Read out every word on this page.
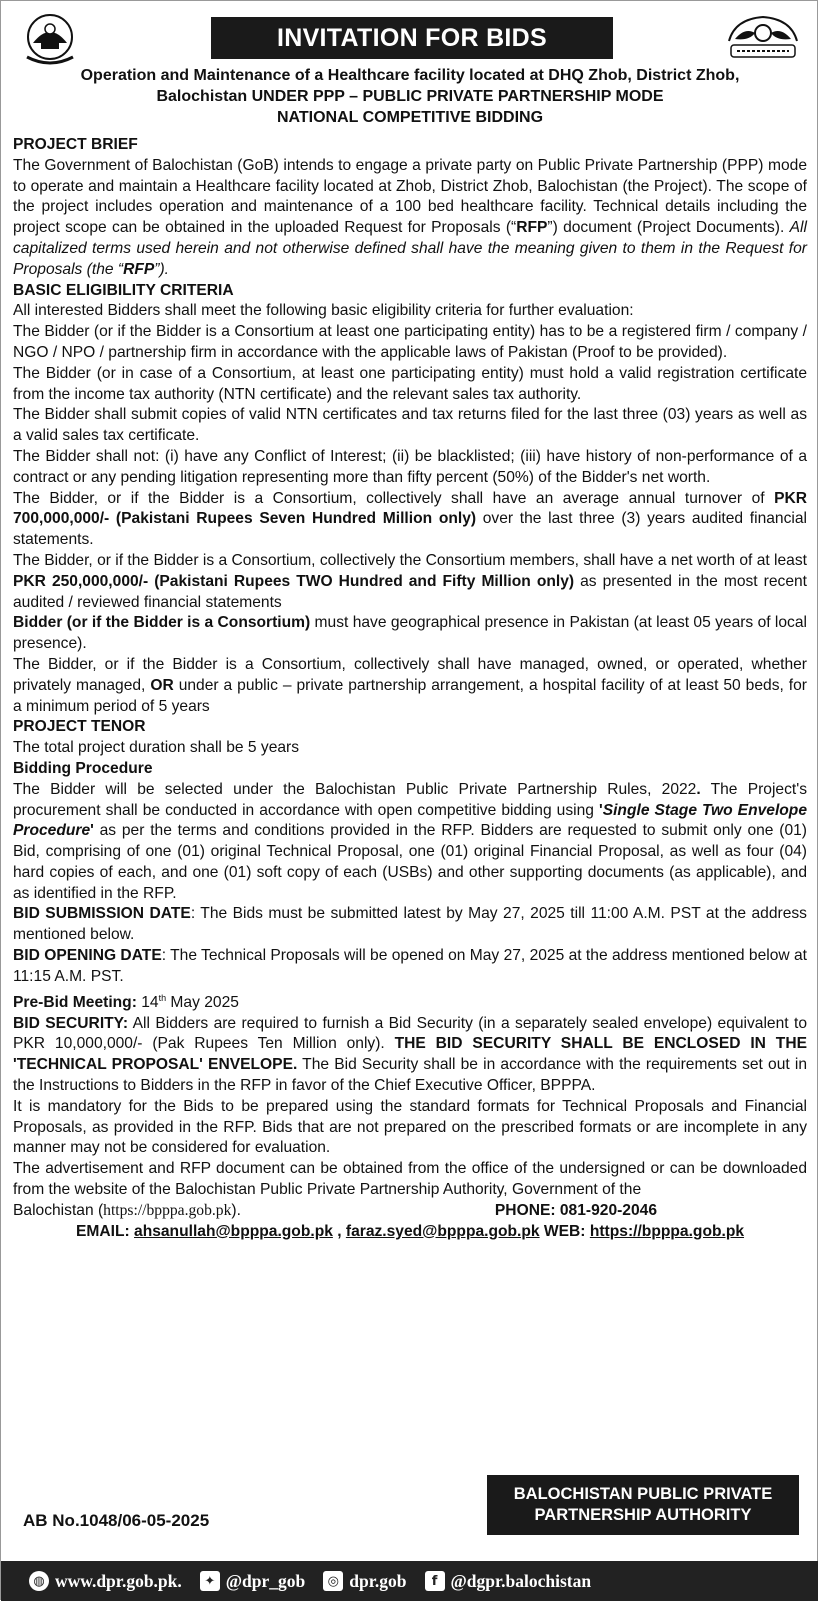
INVITATION FOR BIDS
Operation and Maintenance of a Healthcare facility located at DHQ Zhob, District Zhob,
Balochistan UNDER PPP – PUBLIC PRIVATE PARTNERSHIP MODE
NATIONAL COMPETITIVE BIDDING

PROJECT BRIEF

The Government of Balochistan (GoB) intends to engage a private party on Public Private Partnership (PPP) mode to operate and maintain a Healthcare facility located at Zhob, District Zhob, Balochistan (the Project). The scope of the project includes operation and maintenance of a 100 bed healthcare facility. Technical details including the project scope can be obtained in the uploaded Request for Proposals (“RFP”) document (Project Documents). All capitalized terms used herein and not otherwise defined shall have the meaning given to them in the Request for Proposals (the “RFP”).

BASIC ELIGIBILITY CRITERIA

All interested Bidders shall meet the following basic eligibility criteria for further evaluation:

The Bidder (or if the Bidder is a Consortium at least one participating entity) has to be a registered firm / company / NGO / NPO / partnership firm in accordance with the applicable laws of Pakistan (Proof to be provided).

The Bidder (or in case of a Consortium, at least one participating entity) must hold a valid registration certificate from the income tax authority (NTN certificate) and the relevant sales tax authority.

The Bidder shall submit copies of valid NTN certificates and tax returns filed for the last three (03) years as well as a valid sales tax certificate.

The Bidder shall not: (i) have any Conflict of Interest; (ii) be blacklisted; (iii) have history of non-performance of a contract or any pending litigation representing more than fifty percent (50%) of the Bidder's net worth.

The Bidder, or if the Bidder is a Consortium, collectively shall have an average annual turnover of PKR 700,000,000/- (Pakistani Rupees Seven Hundred Million only) over the last three (3) years audited financial statements.

The Bidder, or if the Bidder is a Consortium, collectively the Consortium members, shall have a net worth of at least PKR 250,000,000/- (Pakistani Rupees TWO Hundred and Fifty Million only) as presented in the most recent audited / reviewed financial statements

Bidder (or if the Bidder is a Consortium) must have geographical presence in Pakistan (at least 05 years of local presence).

The Bidder, or if the Bidder is a Consortium, collectively shall have managed, owned, or operated, whether privately managed, OR under a public – private partnership arrangement, a hospital facility of at least 50 beds, for a minimum period of 5 years

PROJECT TENOR

The total project duration shall be 5 years

Bidding Procedure

The Bidder will be selected under the Balochistan Public Private Partnership Rules, 2022. The Project's procurement shall be conducted in accordance with open competitive bidding using 'Single Stage Two Envelope Procedure' as per the terms and conditions provided in the RFP. Bidders are requested to submit only one (01) Bid, comprising of one (01) original Technical Proposal, one (01) original Financial Proposal, as well as four (04) hard copies of each, and one (01) soft copy of each (USBs) and other supporting documents (as applicable), and as identified in the RFP.

BID SUBMISSION DATE: The Bids must be submitted latest by May 27, 2025 till 11:00 A.M. PST at the address mentioned below.

BID OPENING DATE: The Technical Proposals will be opened on May 27, 2025 at the address mentioned below at 11:15 A.M. PST.

Pre-Bid Meeting: 14th May 2025

BID SECURITY: All Bidders are required to furnish a Bid Security (in a separately sealed envelope) equivalent to PKR 10,000,000/- (Pak Rupees Ten Million only). THE BID SECURITY SHALL BE ENCLOSED IN THE 'TECHNICAL PROPOSAL' ENVELOPE. The Bid Security shall be in accordance with the requirements set out in the Instructions to Bidders in the RFP in favor of the Chief Executive Officer, BPPPA.

It is mandatory for the Bids to be prepared using the standard formats for Technical Proposals and Financial Proposals, as provided in the RFP. Bids that are not prepared on the prescribed formats or are incomplete in any manner may not be considered for evaluation.

The advertisement and RFP document can be obtained from the office of the undersigned or can be downloaded from the website of the Balochistan Public Private Partnership Authority, Government of the

Balochistan (https://bpppa.gob.pk).	PHONE: 081-920-2046
EMAIL: ahsanullah@bpppa.gob.pk , faraz.syed@bpppa.gob.pk WEB: https://bpppa.gob.pk
BALOCHISTAN PUBLIC PRIVATE
PARTNERSHIP AUTHORITY
AB No.1048/06-05-2025
◍ www.dpr.gob.pk.	✦ @dpr_gob	◎ dpr.gob	f @dgpr.balochistan
